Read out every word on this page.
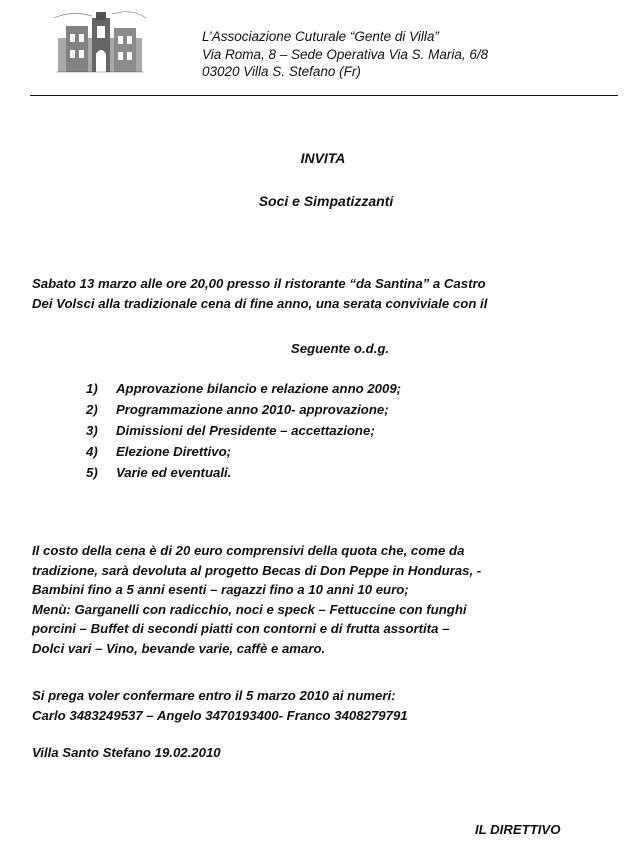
L’Associazione Cuturale “Gente di Villa”
Via Roma, 8 – Sede Operativa Via S. Maria, 6/8
03020 Villa S. Stefano (Fr)
INVITA
Soci e Simpatizzanti
Sabato 13 marzo alle ore 20,00 presso il ristorante “da Santina” a Castro
Dei Volsci alla tradizionale cena di fine anno, una serata conviviale con il
Seguente o.d.g.
1) Approvazione bilancio e relazione anno 2009;
2) Programmazione anno 2010- approvazione;
3) Dimissioni del Presidente – accettazione;
4) Elezione Direttivo;
5) Varie ed eventuali.
Il costo della cena è di 20 euro comprensivi della quota che, come da
tradizione, sarà devoluta al progetto Becas di Don Peppe in Honduras, -
Bambini fino a 5 anni esenti – ragazzi fino a 10 anni 10 euro;
Menù: Garganelli con radicchio, noci e speck – Fettuccine con funghi
porcini – Buffet di secondi piatti con contorni e di frutta assortita –
Dolci vari – Vino, bevande varie, caffè e amaro.
Si prega voler confermare entro il 5 marzo 2010 ai numeri:
Carlo 3483249537 – Angelo 3470193400- Franco 3408279791
Villa Santo Stefano 19.02.2010
IL DIRETTIVO
